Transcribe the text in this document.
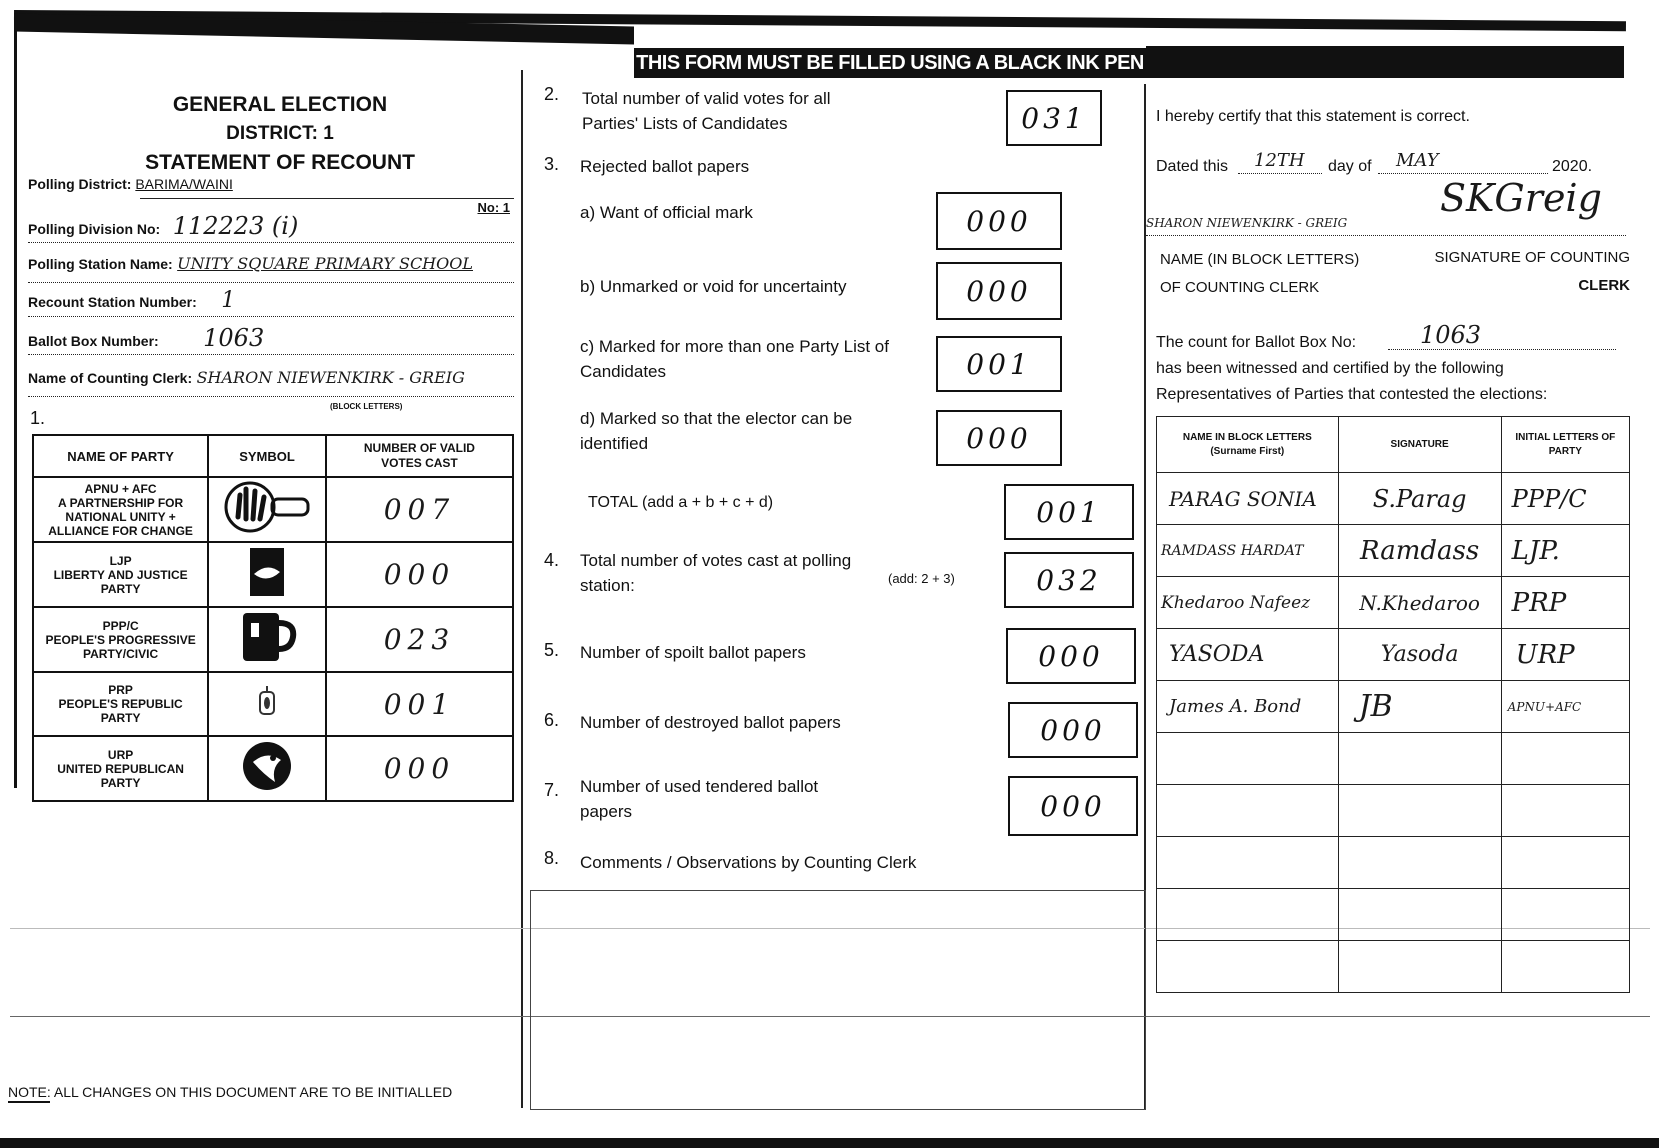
THIS FORM MUST BE FILLED USING A BLACK INK PEN
GENERAL ELECTION
DISTRICT: 1
STATEMENT OF RECOUNT
Polling District: BARIMA/WAINI
No: 1
Polling Division No: 112223 (i)
Polling Station Name: UNITY SQUARE PRIMARY SCHOOL
Recount Station Number: 1
Ballot Box Number: 1063
Name of Counting Clerk: SHARON NIEWENKIRK - GREIG
(BLOCK LETTERS)
1.
NAME OF PARTY	SYMBOL	NUMBER OF VALID VOTES CAST

APNU + AFC
A PARTNERSHIP FOR NATIONAL UNITY + ALLIANCE FOR CHANGE		007

LJP
LIBERTY AND JUSTICE PARTY		000

PPP/C
PEOPLE'S PROGRESSIVE PARTY/CIVIC		023

PRP
PEOPLE'S REPUBLIC PARTY		001

URP
UNITED REPUBLICAN PARTY		000
NOTE: ALL CHANGES ON THIS DOCUMENT ARE TO BE INITIALLED
2. Total number of valid votes for all
Parties' Lists of Candidates	031
3. Rejected ballot papers
a) Want of official mark	000
b) Unmarked or void for uncertainty	000
c) Marked for more than one Party List of
Candidates	001
d) Marked so that the elector can be
identified	000
TOTAL (add a + b + c + d)	001
4. Total number of votes cast at polling
station:	(add: 2 + 3)	032
5. Number of spoilt ballot papers	000
6. Number of destroyed ballot papers	000
7. Number of used tendered ballot
papers	000
8. Comments / Observations by Counting Clerk
I hereby certify that this statement is correct.
Dated this 12TH day of MAY	2020.
SHARON NIEWENKIRK - GREIG
SKGreig
NAME (IN BLOCK LETTERS)
OF COUNTING CLERK
SIGNATURE OF COUNTING
CLERK
The count for Ballot Box No:	1063
has been witnessed and certified by the following
Representatives of Parties that contested the elections:
NAME IN BLOCK LETTERS (Surname First)	SIGNATURE	INITIAL LETTERS OF PARTY
PARAG SONIA	S.Parag	PPP/C
RAMDASS HARDAT	Ramdass	LJP.
Khedaroo Nafeez	N.Khedaroo	PRP
YASODA	Yasoda	URP
James A. Bond	JB	APNU+AFC
